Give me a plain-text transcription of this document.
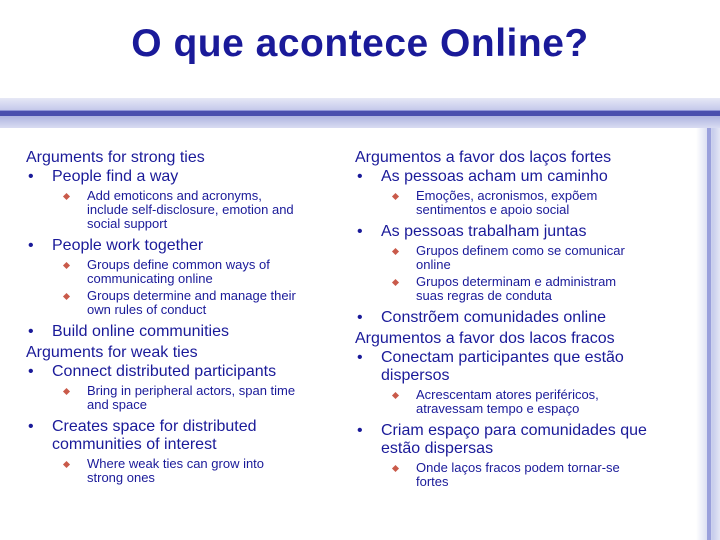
O que acontece Online?
Arguments for strong ties
• People find a way
Add emoticons and acronyms,
include self-disclosure, emotion and
social support
• People work together
Groups define common ways of
communicating online
Groups determine and manage their
own rules of conduct
• Build online communities
Arguments for weak ties
• Connect distributed participants
Bring in peripheral actors, span time
and space
• Creates space for distributed
communities of interest
Where weak ties can grow into
strong ones
Argumentos a favor dos laços fortes
• As pessoas acham um caminho
Emoções, acronismos, expõem
sentimentos e apoio social
• As pessoas trabalham juntas
Grupos definem como se comunicar
online
Grupos determinam e administram
suas regras de conduta
• Constrõem comunidades online
Argumentos a favor dos lacos fracos
• Conectam participantes que estão
dispersos
Acrescentam atores periféricos,
atravessam tempo e espaço
• Criam espaço para comunidades que
estão dispersas
Onde laços fracos podem tornar-se
fortes
